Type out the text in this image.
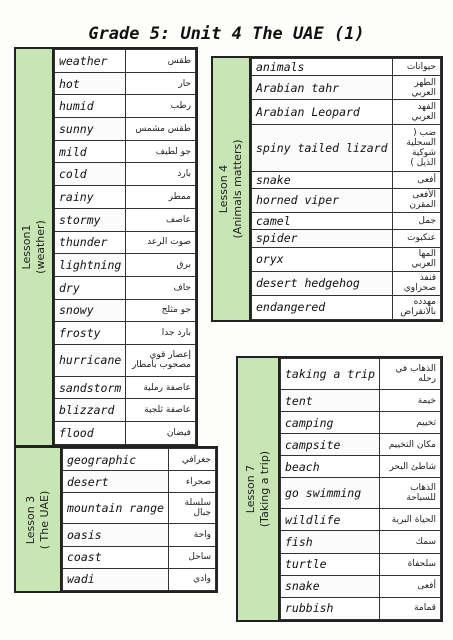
Grade 5: Unit 4 The UAE (1)
Lesson1 (weather)
weather	طقس
hot	حار
humid	رطب
sunny	طقس مشمس
mild	جو لطيف
cold	بارد
rainy	ممطر
stormy	عاصف
thunder	صوت الرعد
lightning	برق
dry	جاف
snowy	جو مثلج
frosty	بارد جدا
hurricane	إعصار قوي مصحوب بأمطار
sandstorm	عاصفة رملية
blizzard	عاصفة ثلجية
flood	فيضان
Lesson 4 (Animals matters)
animals	حيوانات
Arabian tahr	الطهر العربي
Arabian Leopard	الفهد العربي
spiny tailed lizard	ضب ( السحلية شوكية الذيل )
snake	أفعى
horned viper	الأفعى المقرن
camel	جمل
spider	عنكبوت
oryx	المها العربي
desert hedgehog	قنفذ صحراوي
endangered	مهدده بالانقراض
Lesson 7 (Taking a trip)
taking a trip	الذهاب في رحله
tent	خيمة
camping	تخييم
campsite	مكان التخييم
beach	شاطئ البحر
go swimming	الذهاب للسباحة
wildlife	الحياة البرية
fish	سمك
turtle	سلحفاة
snake	أفعى
rubbish	قمامة
Lesson 3 ( The UAE)
geographic	جغرافي
desert	صحراء
mountain range	سلسلة جبال
oasis	واحة
coast	ساحل
wadi	وادي
